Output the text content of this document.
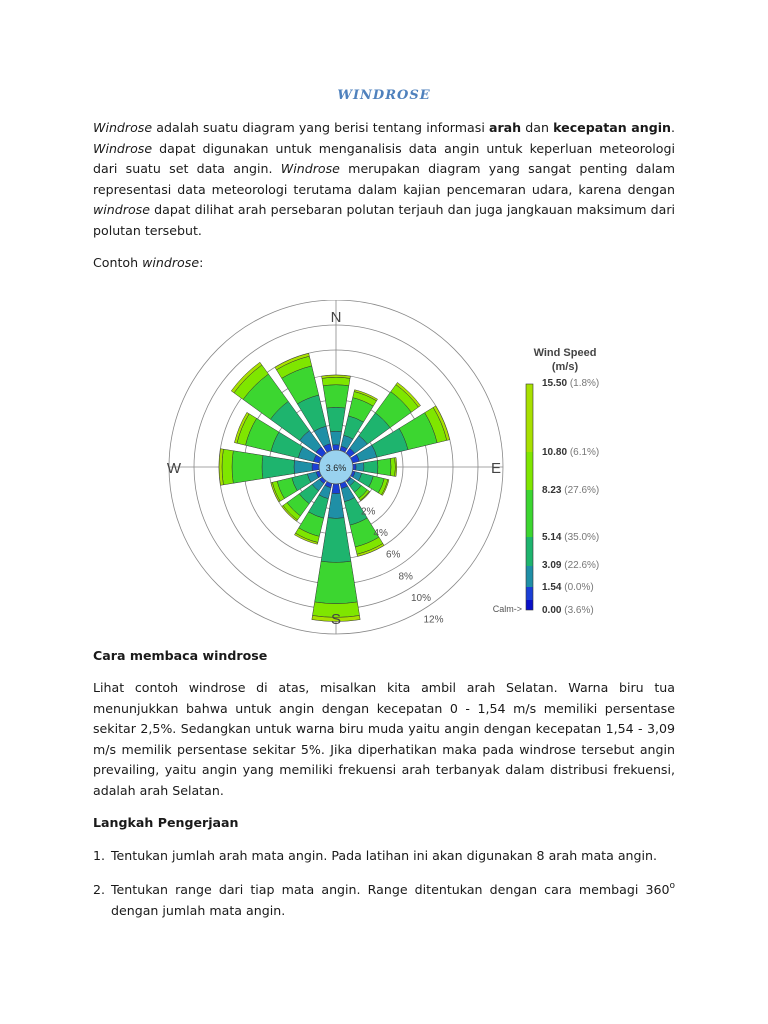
WINDROSE

Windrose adalah suatu diagram yang berisi tentang informasi arah dan kecepatan angin. Windrose dapat digunakan untuk menganalisis data angin untuk keperluan meteorologi dari suatu set data angin. Windrose merupakan diagram yang sangat penting dalam representasi data meteorologi terutama dalam kajian pencemaran udara, karena dengan windrose dapat dilihat arah persebaran polutan terjauh dan juga jangkauan maksimum dari polutan tersebut.

Contoh windrose:

3.6%
N
E
S
W
2%
4%
6%
8%
10%
12%
Wind Speed
(m/s)
15.50 (1.8%)
10.80 (6.1%)
8.23 (27.6%)
5.14 (35.0%)
3.09 (22.6%)
1.54 (0.0%)
0.00 (3.6%)
Calm->

Cara membaca windrose

Lihat contoh windrose di atas, misalkan kita ambil arah Selatan. Warna biru tua menunjukkan bahwa untuk angin dengan kecepatan 0 - 1,54 m/s memiliki persentase sekitar 2,5%. Sedangkan untuk warna biru muda yaitu angin dengan kecepatan 1,54 - 3,09 m/s memilik persentase sekitar 5%. Jika diperhatikan maka pada windrose tersebut angin prevailing, yaitu angin yang memiliki frekuensi arah terbanyak dalam distribusi frekuensi, adalah arah Selatan.

Langkah Pengerjaan

1. Tentukan jumlah arah mata angin. Pada latihan ini akan digunakan 8 arah mata angin.
2. Tentukan range dari tiap mata angin. Range ditentukan dengan cara membagi 360$^o$ dengan jumlah mata angin.
